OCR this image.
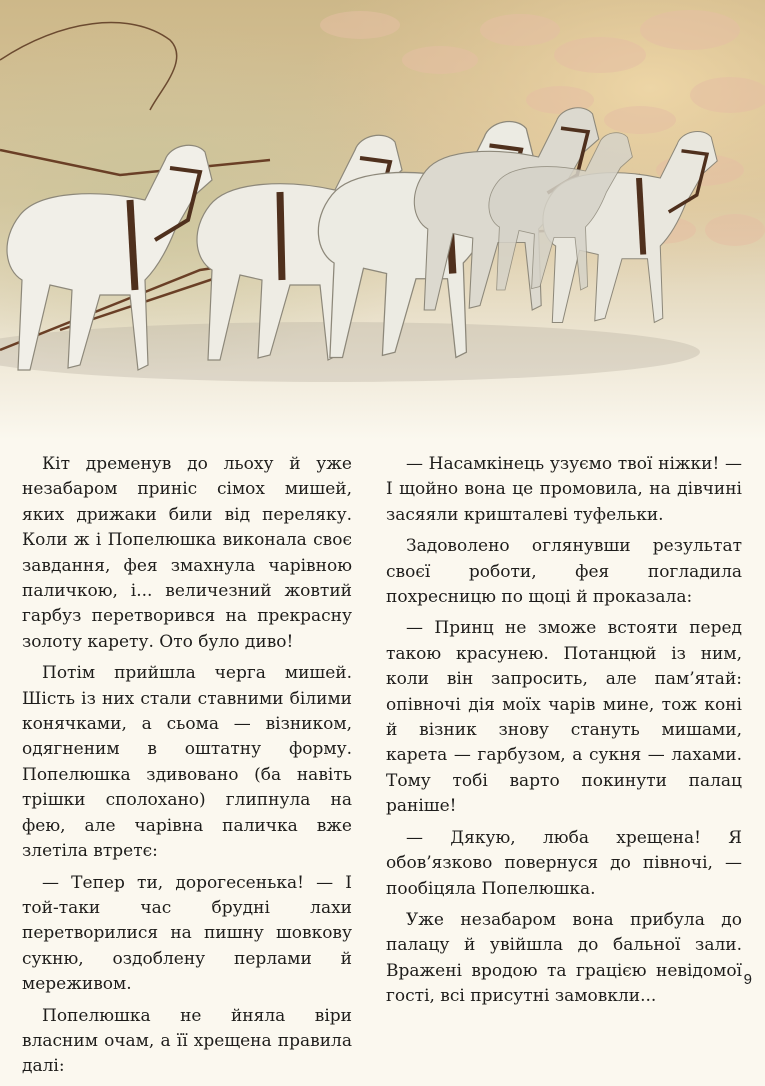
Кіт дременув до льоху й уже незабаром приніс сімох мишей, яких дрижаки били від переляку. Коли ж і Попелюшка виконала своє завдання, фея змахнула чарівною паличкою, і... величезний жовтий гарбуз перетворився на прекрасну золоту карету. Ото було диво!

Потім прийшла черга мишей. Шість із них стали ставними білими конячками, а сьома — візником, одягненим в оштатну форму. Попелюшка здивовано (ба навіть трішки сполохано) глипнула на фею, але чарівна паличка вже злетіла втретє:

— Тепер ти, дорогесенька! — І той-таки час брудні лахи перетворилися на пишну шовкову сукню, оздоблену перлами й мереживом.

Попелюшка не йняла віри власним очам, а її хрещена правила далі:

— Насамкінець узуємо твої ніжки! — І щойно вона це промовила, на дівчині засяяли кришталеві туфельки.

Задоволено оглянувши результат своєї роботи, фея погладила похресницю по щоці й проказала:

— Принц не зможе встояти перед такою красунею. Потанцюй із ним, коли він запросить, але пам’ятай: опівночі дія моїх чарів мине, тож коні й візник знову стануть мишами, карета — гарбузом, а сукня — лахами. Тому тобі варто покинути палац раніше!

— Дякую, люба хрещена! Я обов’язково повернуся до півночі, — пообіцяла Попелюшка.

Уже незабаром вона прибула до палацу й увійшла до бальної зали. Вражені вродою та грацією невідомої гості, всі присутні замовкли...

9
